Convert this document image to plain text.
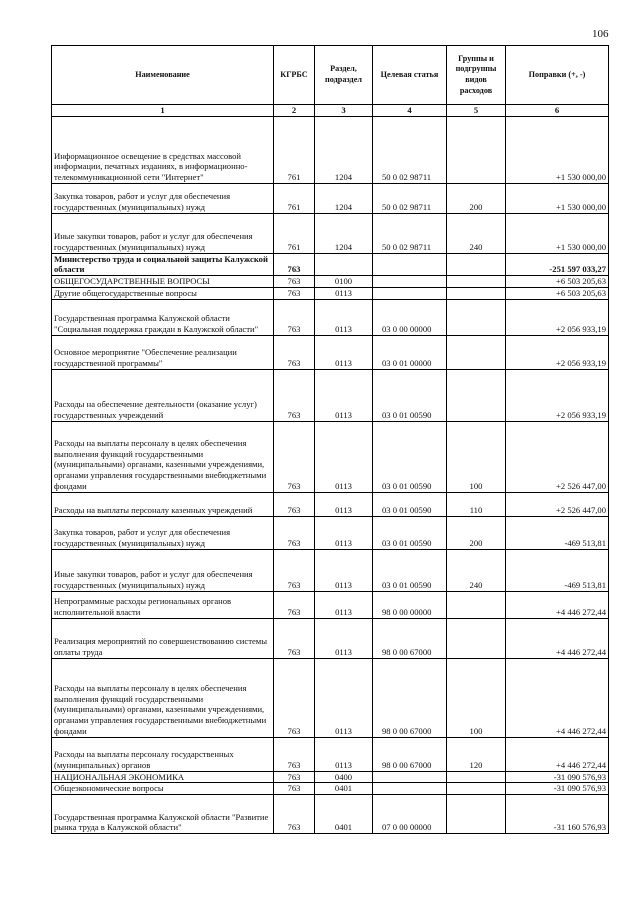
106
Наименование	КГРБС	Раздел, подраздел	Целевая статья	Группы и подгруппы видов расходов	Поправки (+, -)
1	2	3	4	5	6
Информационное освещение в средствах массовой информации, печатных изданиях, в информационно-телекоммуникационной сети "Интернет"	761	1204	50 0 02 98711		+1 530 000,00
Закупка товаров, работ и услуг для обеспечения государственных (муниципальных) нужд	761	1204	50 0 02 98711	200	+1 530 000,00
Иные закупки товаров, работ и услуг для обеспечения государственных (муниципальных) нужд	761	1204	50 0 02 98711	240	+1 530 000,00
Министерство труда и социальной защиты Калужской области	763				-251 597 033,27
ОБЩЕГОСУДАРСТВЕННЫЕ ВОПРОСЫ	763	0100			+6 503 205,63
Другие общегосударственные вопросы	763	0113			+6 503 205,63
Государственная программа Калужской области "Социальная поддержка граждан в Калужской области"	763	0113	03 0 00 00000		+2 056 933,19
Основное мероприятие "Обеспечение реализации государственной программы"	763	0113	03 0 01 00000		+2 056 933,19
Расходы на обеспечение деятельности (оказание услуг) государственных учреждений	763	0113	03 0 01 00590		+2 056 933,19
Расходы на выплаты персоналу в целях обеспечения выполнения функций государственными (муниципальными) органами, казенными учреждениями, органами управления государственными внебюджетными фондами	763	0113	03 0 01 00590	100	+2 526 447,00
Расходы на выплаты персоналу казенных учреждений	763	0113	03 0 01 00590	110	+2 526 447,00
Закупка товаров, работ и услуг для обеспечения государственных (муниципальных) нужд	763	0113	03 0 01 00590	200	-469 513,81
Иные закупки товаров, работ и услуг для обеспечения государственных (муниципальных) нужд	763	0113	03 0 01 00590	240	-469 513,81
Непрограммные расходы региональных органов исполнительной власти	763	0113	98 0 00 00000		+4 446 272,44
Реализация мероприятий по совершенствованию системы оплаты труда	763	0113	98 0 00 67000		+4 446 272,44
Расходы на выплаты персоналу в целях обеспечения выполнения функций государственными (муниципальными) органами, казенными учреждениями, органами управления государственными внебюджетными фондами	763	0113	98 0 00 67000	100	+4 446 272,44
Расходы на выплаты персоналу государственных (муниципальных) органов	763	0113	98 0 00 67000	120	+4 446 272,44
НАЦИОНАЛЬНАЯ ЭКОНОМИКА	763	0400			-31 090 576,93
Общеэкономические вопросы	763	0401			-31 090 576,93
Государственная программа Калужской области "Развитие рынка труда в Калужской области"	763	0401	07 0 00 00000		-31 160 576,93
